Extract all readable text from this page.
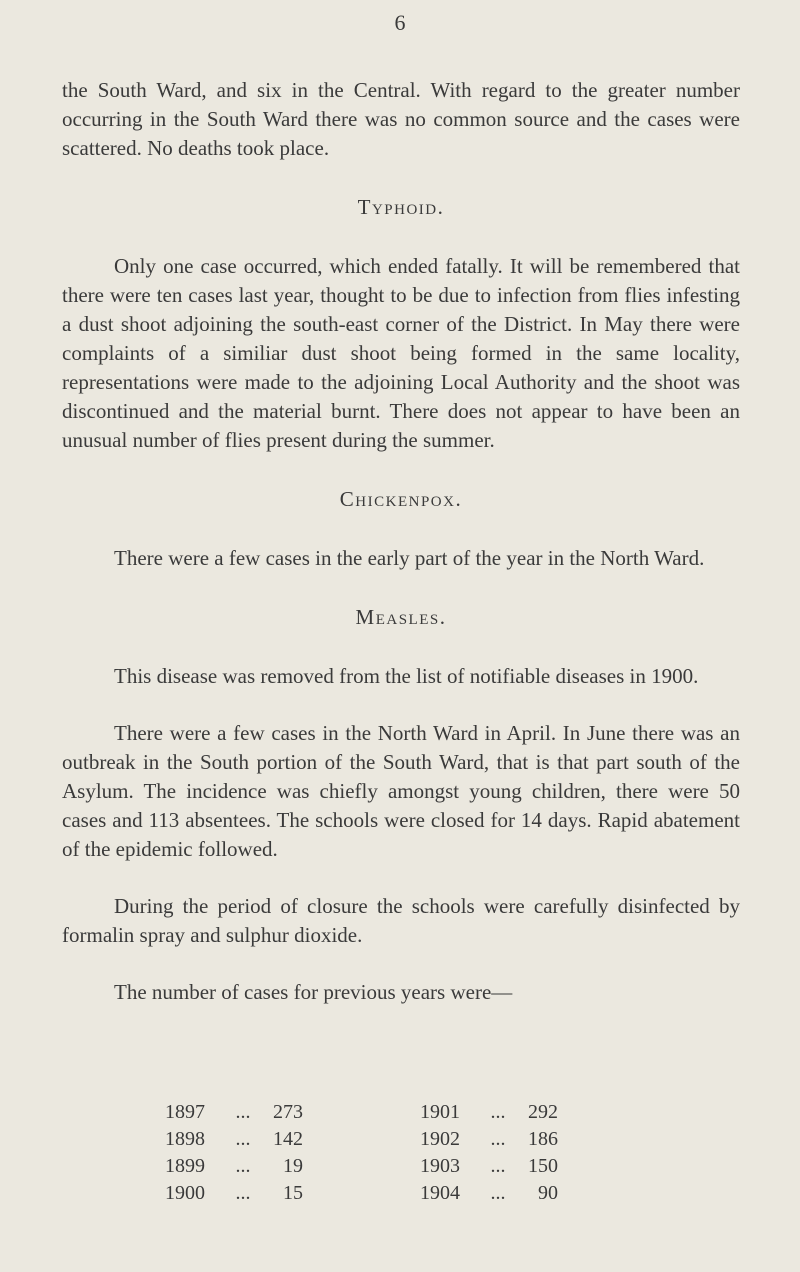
6

the South Ward, and six in the Central. With regard to the greater number occurring in the South Ward there was no common source and the cases were scattered. No deaths took place.

Typhoid.

Only one case occurred, which ended fatally. It will be remembered that there were ten cases last year, thought to be due to infection from flies infesting a dust shoot adjoining the south-east corner of the District. In May there were complaints of a similiar dust shoot being formed in the same locality, representations were made to the adjoining Local Authority and the shoot was discontinued and the material burnt. There does not appear to have been an unusual number of flies present during the summer.

Chickenpox.

There were a few cases in the early part of the year in the North Ward.

Measles.

This disease was removed from the list of notifiable diseases in 1900.

There were a few cases in the North Ward in April. In June there was an outbreak in the South portion of the South Ward, that is that part south of the Asylum. The incidence was chiefly amongst young children, there were 50 cases and 113 absentees. The schools were closed for 14 days. Rapid abatement of the epidemic followed.

During the period of closure the schools were carefully disinfected by formalin spray and sulphur dioxide.

The number of cases for previous years were—

1897	...	273	1901	...	292
1898	...	142	1902	...	186
1899	...	19	1903	...	150
1900	...	15	1904	...	90
